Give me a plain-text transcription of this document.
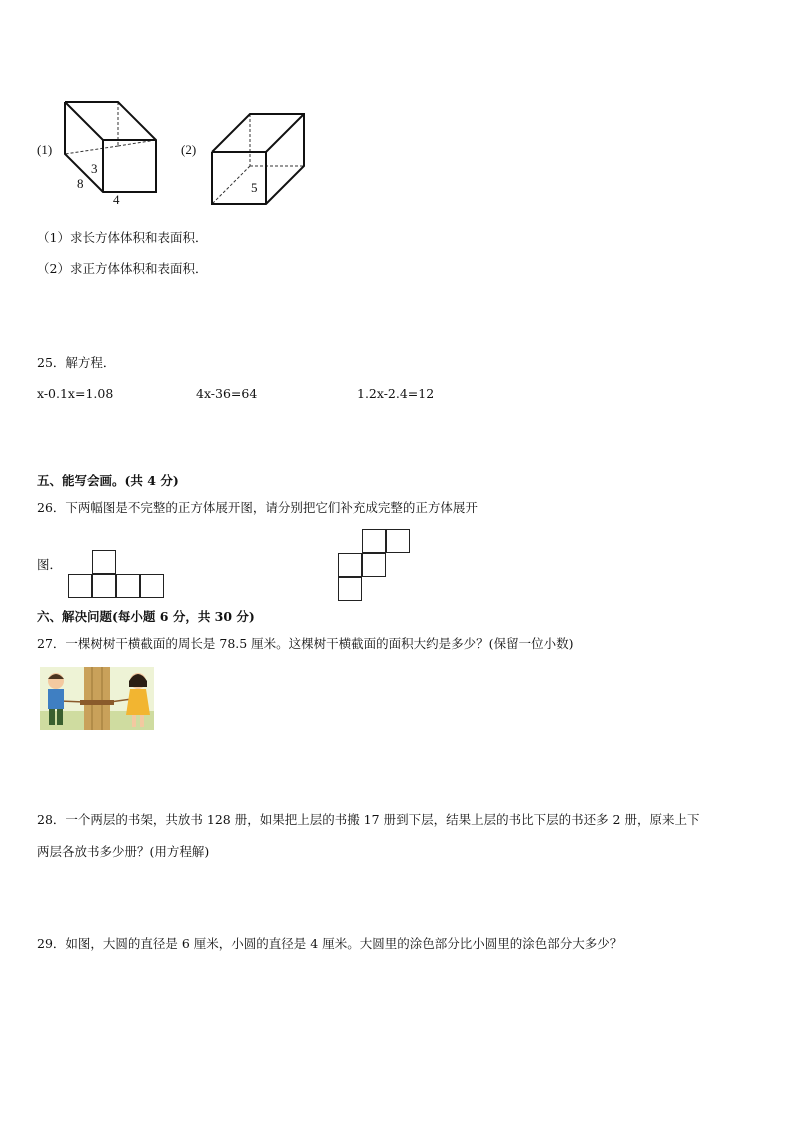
(1)
8
3
4
(2)
5
（1）求长方体体积和表面积．
（2）求正方体体积和表面积．
25．解方程．
x-0.1x=1.08	4x-36=64	1.2x-2.4=12
五、能写会画。(共 4 分)
26．下两幅图是不完整的正方体展开图，请分别把它们补充成完整的正方体展开
图．
六、解决问题(每小题 6 分，共 30 分)
27．一棵树树干横截面的周长是 78.5 厘米。这棵树干横截面的面积大约是多少？(保留一位小数)
28．一个两层的书架，共放书 128 册，如果把上层的书搬 17 册到下层，结果上层的书比下层的书还多 2 册，原来上下
两层各放书多少册？(用方程解)
29．如图，大圆的直径是 6 厘米，小圆的直径是 4 厘米。大圆里的涂色部分比小圆里的涂色部分大多少？
